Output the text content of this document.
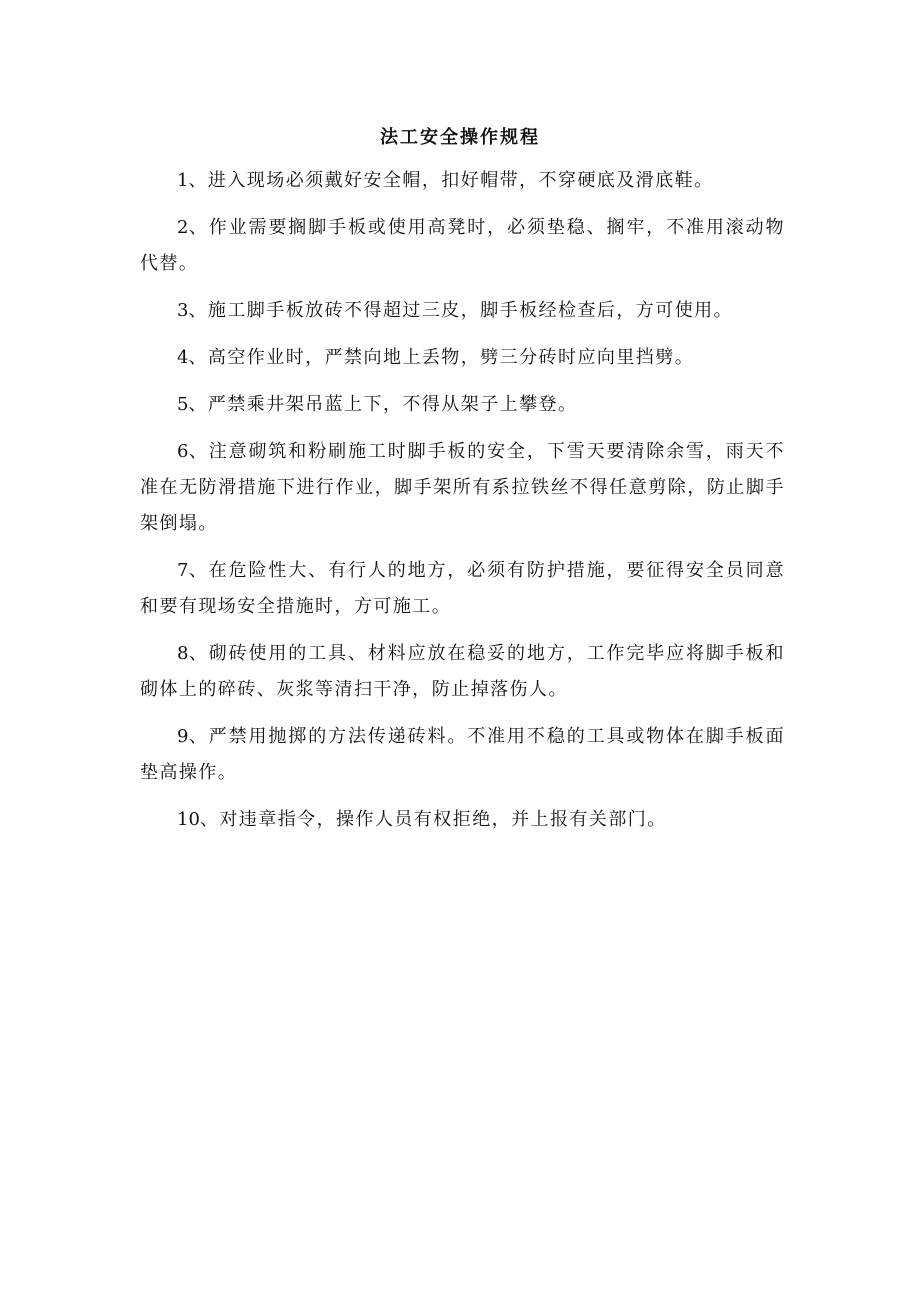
法工安全操作规程

1、进入现场必须戴好安全帽，扣好帽带，不穿硬底及滑底鞋。

2、作业需要搁脚手板或使用高凳时，必须垫稳、搁牢，不准用滚动物代替。

3、施工脚手板放砖不得超过三皮，脚手板经检查后，方可使用。

4、高空作业时，严禁向地上丢物，劈三分砖时应向里挡劈。

5、严禁乘井架吊蓝上下，不得从架子上攀登。

6、注意砌筑和粉刷施工时脚手板的安全，下雪天要清除余雪，雨天不准在无防滑措施下进行作业，脚手架所有系拉铁丝不得任意剪除，防止脚手架倒塌。

7、在危险性大、有行人的地方，必须有防护措施，要征得安全员同意和要有现场安全措施时，方可施工。

8、砌砖使用的工具、材料应放在稳妥的地方，工作完毕应将脚手板和砌体上的碎砖、灰浆等清扫干净，防止掉落伤人。

9、严禁用抛掷的方法传递砖料。不准用不稳的工具或物体在脚手板面垫高操作。

10、对违章指令，操作人员有权拒绝，并上报有关部门。
